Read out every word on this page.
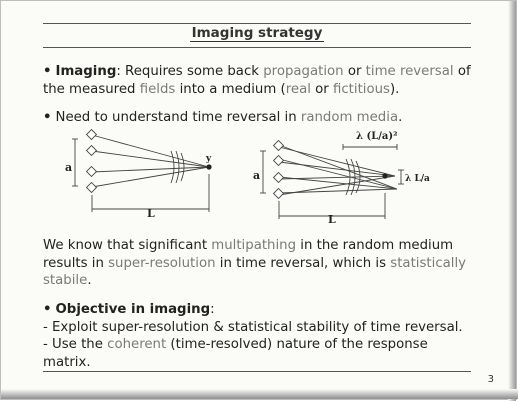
Imaging strategy
• Imaging: Requires some back propagation or time reversal of the measured fields into a medium (real or fictitious).
• Need to understand time reversal in random media.
a
L
y
a
L
λ (L/a)²
λ L/a
We know that significant multipathing in the random medium results in super-resolution in time reversal, which is statistically stabile.
• Objective in imaging:
- Exploit super-resolution & statistical stability of time reversal.
- Use the coherent (time-resolved) nature of the response matrix.
3
